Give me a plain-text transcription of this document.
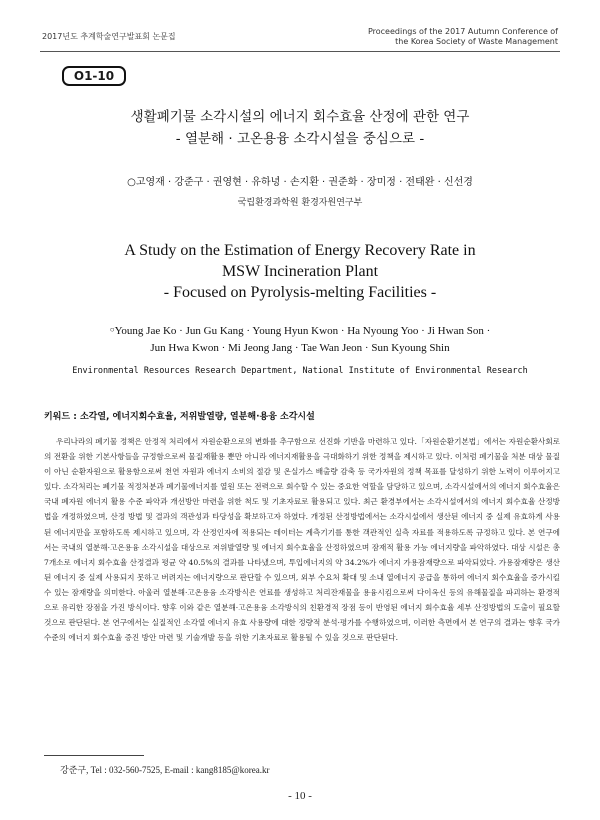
2017년도 추계학술연구발표회 논문집
Proceedings of the 2017 Autumn Conference of
the Korea Society of Waste Management
O1-10
생활폐기물 소각시설의 에너지 회수효율 산정에 관한 연구
- 열분해 · 고온용융 소각시설을 중심으로 -
○고영재 · 강준구 · 권영현 · 유하녕 · 손지환 · 권준화 · 장미정 · 전태완 · 신선경
국립환경과학원 환경자원연구부
A Study on the Estimation of Energy Recovery Rate in
MSW Incineration Plant
- Focused on Pyrolysis-melting Facilities -
○Young Jae Ko · Jun Gu Kang · Young Hyun Kwon · Ha Nyoung Yoo · Ji Hwan Son ·
Jun Hwa Kwon · Mi Jeong Jang · Tae Wan Jeon · Sun Kyoung Shin
Environmental Resources Research Department, National Institute of Environmental Research
키워드 : 소각열, 에너지회수효율, 저위발열량, 열분해·용융 소각시설

우리나라의 폐기물 정책은 안정적 처리에서 자원순환으로의 변화를 추구함으로 선진화 기반을 마련하고 있다.「자원순환기본법」에서는 자원순환사회로의 전환을 위한 기본사항들을 규정함으로써 물질재활용 뿐만 아니라 에너지재활용을 극대화하기 위한 정책을 제시하고 있다. 이처럼 폐기물을 처분 대상 물질이 아닌 순환자원으로 활용함으로써 천연 자원과 에너지 소비의 절감 및 온실가스 배출량 감축 등 국가자원의 정책 목표를 달성하기 위한 노력이 이루어지고 있다. 소각처리는 폐기물 적정처분과 폐기물에너지를 열원 또는 전력으로 회수할 수 있는 중요한 역할을 담당하고 있으며, 소각시설에서의 에너지 회수효율은 국내 폐자원 에너지 활용 수준 파악과 개선방안 마련을 위한 척도 및 기초자료로 활용되고 있다. 최근 환경부에서는 소각시설에서의 에너지 회수효율 산정방법을 개정하였으며, 산정 방법 및 결과의 객관성과 타당성을 확보하고자 하였다. 개정된 산정방법에서는 소각시설에서 생산된 에너지 중 실제 유효하게 사용된 에너지만을 포함하도록 제시하고 있으며, 각 산정인자에 적용되는 데이터는 계측기기를 통한 객관적인 실측 자료를 적용하도록 규정하고 있다. 본 연구에서는 국내의 열분해·고온용융 소각시설을 대상으로 저위발열량 및 에너지 회수효율을 산정하였으며 잠재적 활용 가능 에너지량을 파악하였다. 대상 시설은 총 7개소로 에너지 회수효율 산정결과 평균 약 40.5%의 결과를 나타냈으며, 투입에너지의 약 34.2%가 에너지 가용잠재량으로 파악되었다. 가용잠재량은 생산된 에너지 중 실제 사용되지 못하고 버려지는 에너지량으로 판단할 수 있으며, 외부 수요처 확대 및 소내 열에너지 공급을 통하여 에너지 회수효율을 증가시킬 수 있는 잠재량을 의미한다. 아울러 열분해·고온용융 소각방식은 연료를 생성하고 처리잔재물을 용융시킴으로써 다이옥신 등의 유해물질을 파괴하는 환경적으로 유리한 장점을 가진 방식이다. 향후 이와 같은 열분해·고온용융 소각방식의 친환경적 장점 등이 반영된 에너지 회수효율 세부 산정방법의 도출이 필요할 것으로 판단된다. 본 연구에서는 실질적인 소각열 에너지 유효 사용량에 대한 정량적 분석·평가를 수행하였으며, 이러한 측면에서 본 연구의 결과는 향후 국가 수준의 에너지 회수효율 증진 방안 마련 및 기술개발 등을 위한 기초자료로 활용될 수 있을 것으로 판단된다.

강준구, Tel : 032-560-7525, E-mail : kang8185@korea.kr
- 10 -
